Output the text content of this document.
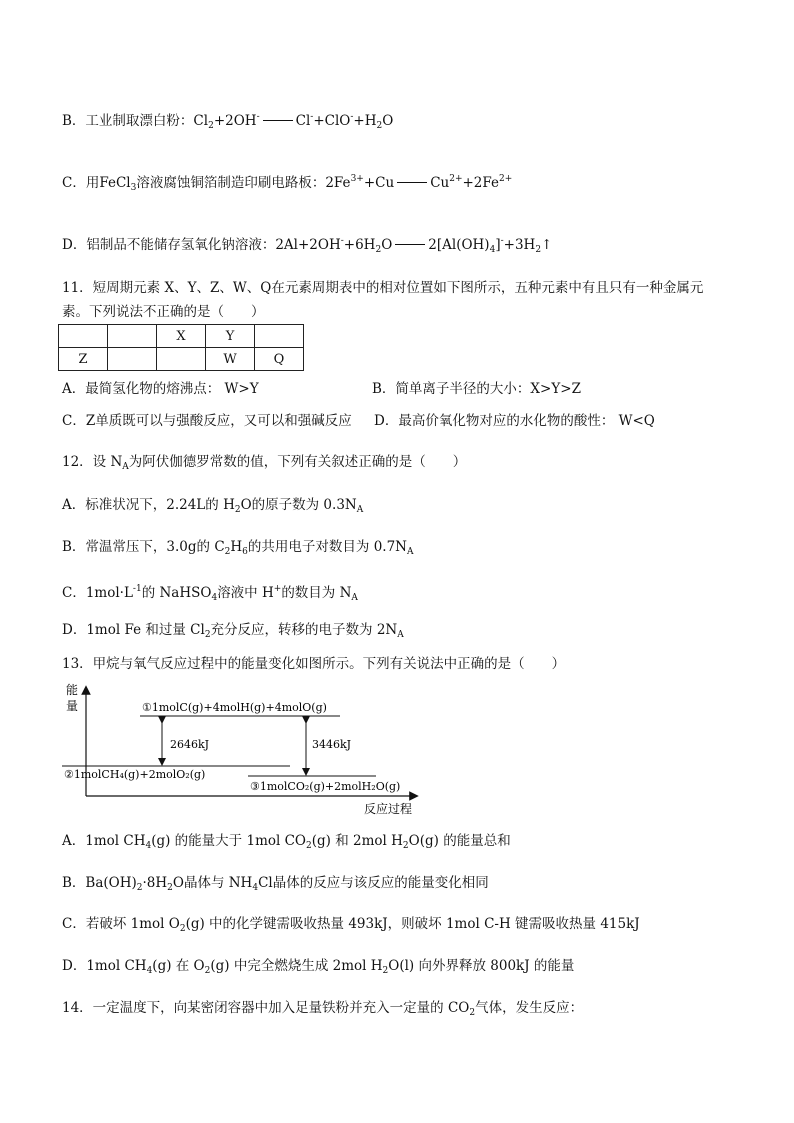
B．工业制取漂白粉：$Cl_2+2OH^-$	$Cl^-+ClO^-+H_2O$
C．用FeCl$_3$溶液腐蚀铜箔制造印刷电路板：$2Fe^{3+}+Cu$	$Cu^{2+}+2Fe^{2+}$
D．铝制品不能储存氢氧化钠溶液：$2Al+2OH^-+6H_2O$	$2[Al(OH)_4]^-+3H_2↑$
11．短周期元素 X、Y、Z、W、Q在元素周期表中的相对位置如下图所示，五种元素中有且只有一种金属元
素。下列说法不正确的是（　　）
		X	Y	
Z			W	Q
A．最简氢化物的熔沸点： W>Y	B．简单离子半径的大小：X>Y>Z
C．Z单质既可以与强酸反应，又可以和强碱反应 D．最高价氧化物对应的水化物的酸性： W<Q
12．设 $N_A$为阿伏伽德罗常数的值，下列有关叙述正确的是（　　）
A．标准状况下，2.24L的 $H_2O$的原子数为 $0.3N_A$
B．常温常压下，3.0g的 $C_2H_6$的共用电子对数目为 $0.7N_A$
C．$1mol\cdot L^{-1}$的 NaHSO$_4$溶液中 H+的数目为 $N_A$
D．1mol Fe 和过量 $Cl_2$充分反应，转移的电子数为 $2N_A$
13．甲烷与氧气反应过程中的能量变化如图所示。下列有关说法中正确的是（　　）
能
量
反应过程
①1molC(g)+4molH(g)+4molO(g)
②1molCH₄(g)+2molO₂(g)
③1molCO₂(g)+2molH₂O(g)
2646kJ	3446kJ
A．1mol $CH_4(g)$ 的能量大于 1mol $CO_2(g)$ 和 2mol $H_2O(g)$ 的能量总和
B．$Ba(OH)_2\cdot 8H_2O$晶体与 $NH_4Cl$晶体的反应与该反应的能量变化相同
C．若破坏 1mol $O_2(g)$ 中的化学键需吸收热量 493kJ，则破坏 1mol C-H 键需吸收热量 415kJ
D．1mol $CH_4(g)$ 在 $O_2(g)$ 中完全燃烧生成 2mol $H_2O(l)$ 向外界释放 800kJ 的能量
14．一定温度下，向某密闭容器中加入足量铁粉并充入一定量的 $CO_2$气体，发生反应：
